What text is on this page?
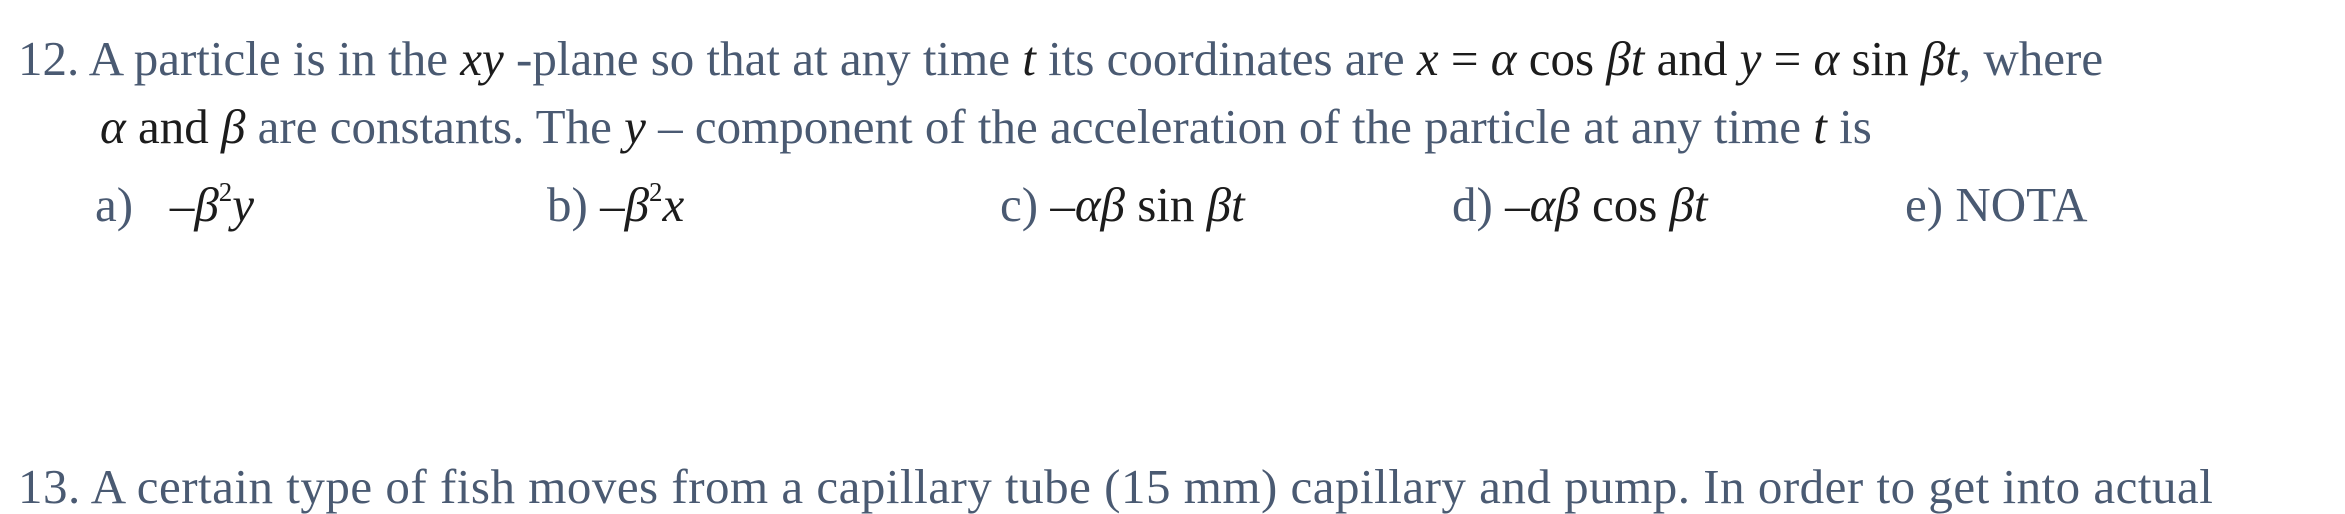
12. A particle is in the xy -plane so that at any time t its coordinates are x = α cos βt and y = α sin βt, where
α and β are constants. The y – component of the acceleration of the particle at any time t is
a) $-\beta^2y$	b) $-\beta^2x$	c) –αβ sin βt	d) –αβ cos βt	e) NOTA
13. A certain type of fish moves from a capillary tube (15 mm) capillary and pump. In order to get into actual
